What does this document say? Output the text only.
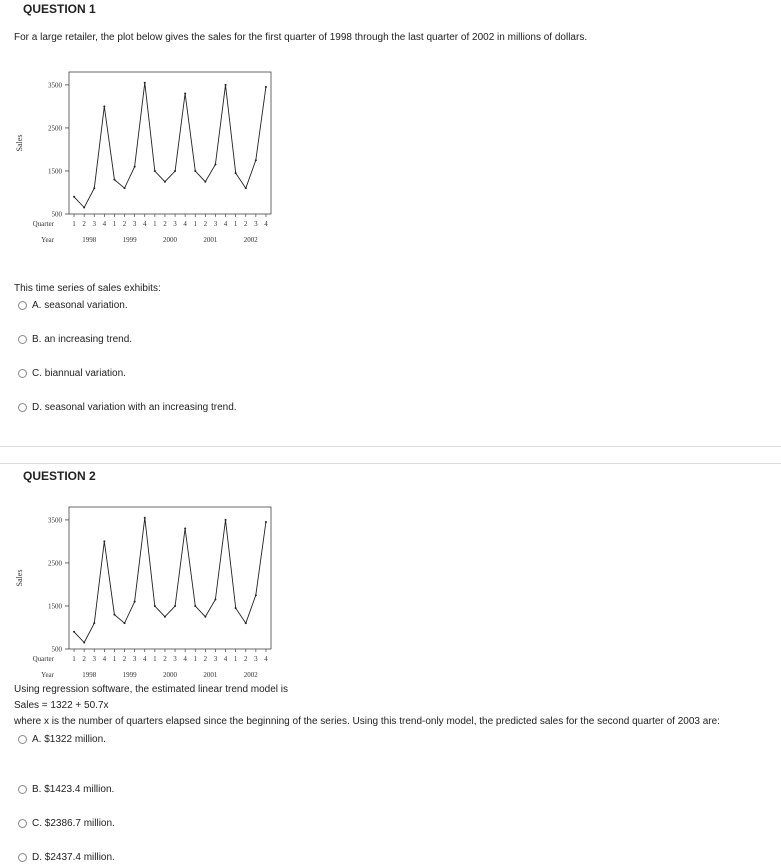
QUESTION 1
For a large retailer, the plot below gives the sales for the first quarter of 1998 through the last quarter of 2002 in millions of dollars.
500
1500
2500
3500
Sales
1 2 3 4 1 2 3 4 1 2 3 4 1 2 3 4 1 2 3 4
Quarter
Year	1998	1999	2000	2001	2002
This time series of sales exhibits:
A.
seasonal variation.
B.
an increasing trend.
C.
biannual variation.
D.
seasonal variation with an increasing trend.
QUESTION 2
500
1500
2500
3500
Sales
1 2 3 4 1 2 3 4 1 2 3 4 1 2 3 4 1 2 3 4
Quarter
Year	1998	1999	2000	2001	2002
Using regression software, the estimated linear trend model is
Sales = 1322 + 50.7x
where x is the number of quarters elapsed since the beginning of the series. Using this trend-only model, the predicted sales for the second quarter of 2003 are:
A.
$1322 million.
B.
$1423.4 million.
C.
$2386.7 million.
D.
$2437.4 million.
